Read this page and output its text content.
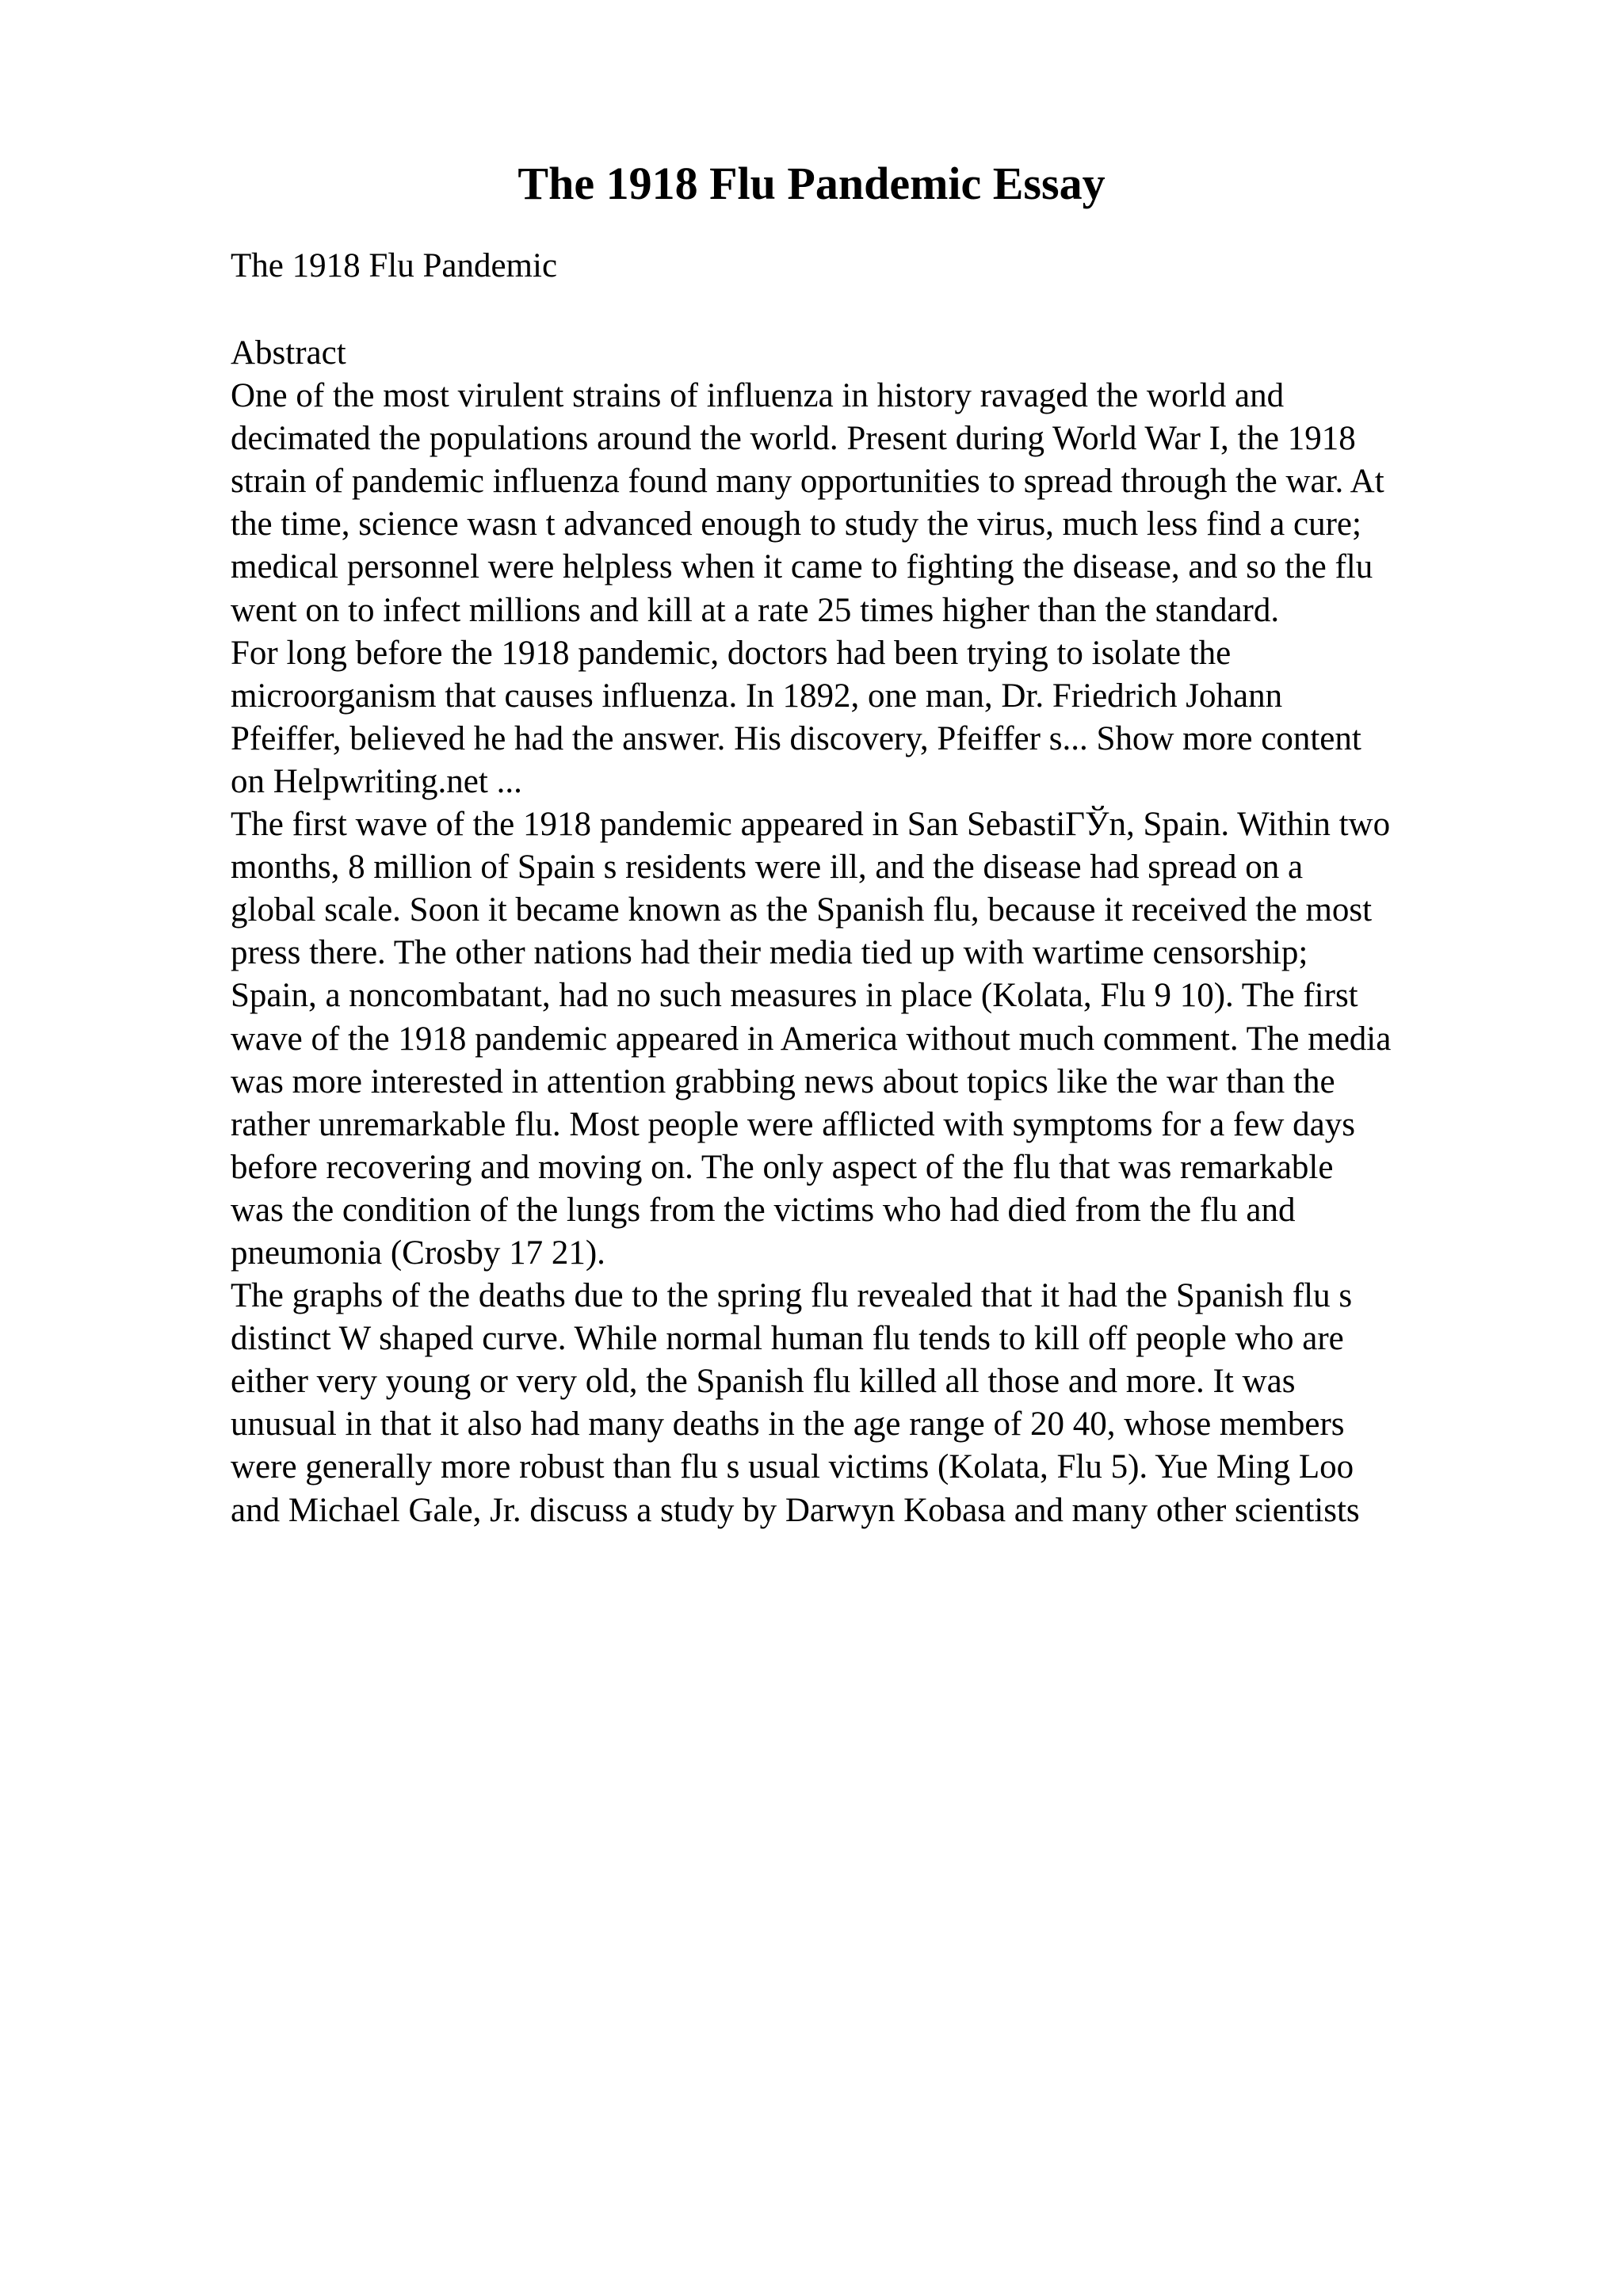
The 1918 Flu Pandemic Essay

The 1918 Flu Pandemic

Abstract
One of the most virulent strains of influenza in history ravaged the world and
decimated the populations around the world. Present during World War I, the 1918
strain of pandemic influenza found many opportunities to spread through the war. At
the time, science wasn t advanced enough to study the virus, much less find a cure;
medical personnel were helpless when it came to fighting the disease, and so the flu
went on to infect millions and kill at a rate 25 times higher than the standard.
For long before the 1918 pandemic, doctors had been trying to isolate the
microorganism that causes influenza. In 1892, one man, Dr. Friedrich Johann
Pfeiffer, believed he had the answer. His discovery, Pfeiffer s... Show more content
on Helpwriting.net ...
The first wave of the 1918 pandemic appeared in San SebastiГЎn, Spain. Within two
months, 8 million of Spain s residents were ill, and the disease had spread on a
global scale. Soon it became known as the Spanish flu, because it received the most
press there. The other nations had their media tied up with wartime censorship;
Spain, a noncombatant, had no such measures in place (Kolata, Flu 9 10). The first
wave of the 1918 pandemic appeared in America without much comment. The media
was more interested in attention grabbing news about topics like the war than the
rather unremarkable flu. Most people were afflicted with symptoms for a few days
before recovering and moving on. The only aspect of the flu that was remarkable
was the condition of the lungs from the victims who had died from the flu and
pneumonia (Crosby 17 21).
The graphs of the deaths due to the spring flu revealed that it had the Spanish flu s
distinct W shaped curve. While normal human flu tends to kill off people who are
either very young or very old, the Spanish flu killed all those and more. It was
unusual in that it also had many deaths in the age range of 20 40, whose members
were generally more robust than flu s usual victims (Kolata, Flu 5). Yue Ming Loo
and Michael Gale, Jr. discuss a study by Darwyn Kobasa and many other scientists
